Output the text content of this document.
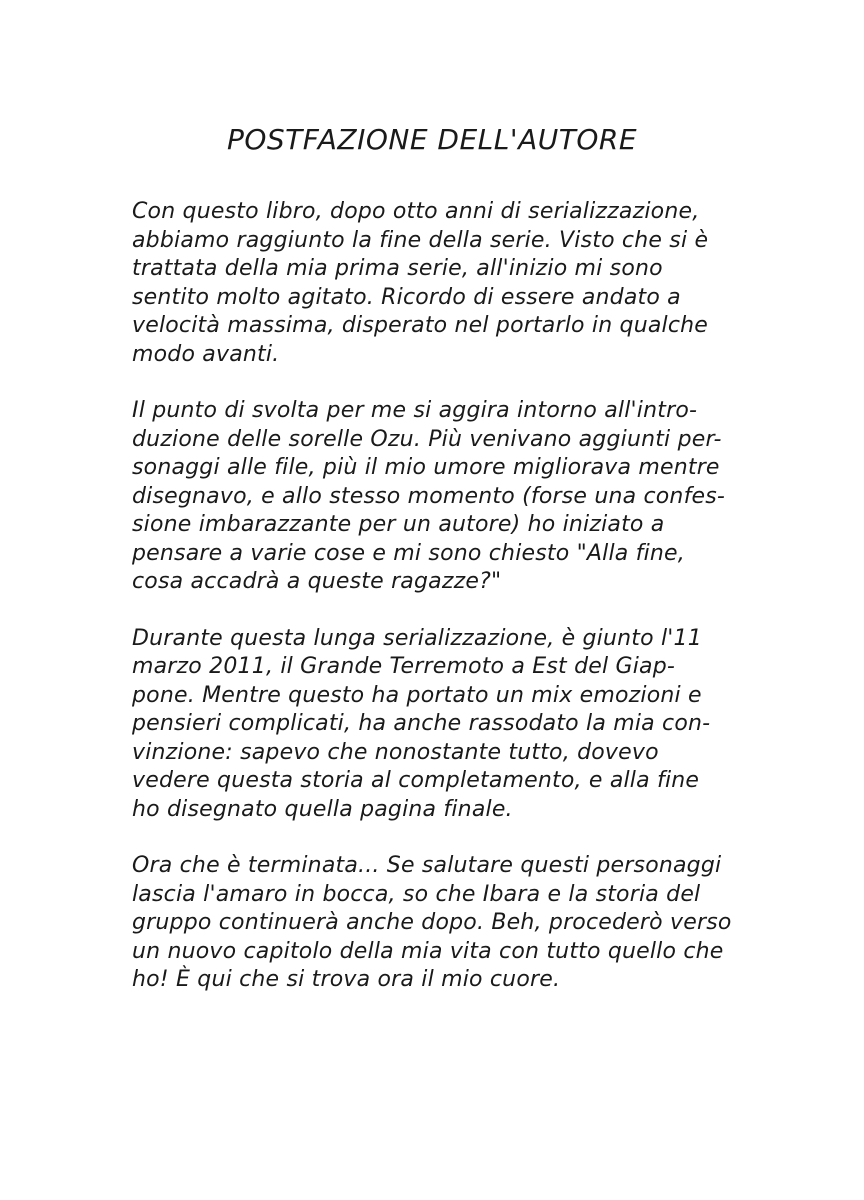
POSTFAZIONE DELL'AUTORE

Con questo libro, dopo otto anni di serializzazione,
abbiamo raggiunto la fine della serie. Visto che si è
trattata della mia prima serie, all'inizio mi sono
sentito molto agitato. Ricordo di essere andato a
velocità massima, disperato nel portarlo in qualche
modo avanti.

Il punto di svolta per me si aggira intorno all'intro-
duzione delle sorelle Ozu. Più venivano aggiunti per-
sonaggi alle file, più il mio umore migliorava mentre
disegnavo, e allo stesso momento (forse una confes-
sione imbarazzante per un autore) ho iniziato a
pensare a varie cose e mi sono chiesto "Alla fine,
cosa accadrà a queste ragazze?"

Durante questa lunga serializzazione, è giunto l'11
marzo 2011, il Grande Terremoto a Est del Giap-
pone. Mentre questo ha portato un mix emozioni e
pensieri complicati, ha anche rassodato la mia con-
vinzione: sapevo che nonostante tutto, dovevo
vedere questa storia al completamento, e alla fine
ho disegnato quella pagina finale.

Ora che è terminata... Se salutare questi personaggi
lascia l'amaro in bocca, so che Ibara e la storia del
gruppo continuerà anche dopo. Beh, procederò verso
un nuovo capitolo della mia vita con tutto quello che
ho! È qui che si trova ora il mio cuore.
